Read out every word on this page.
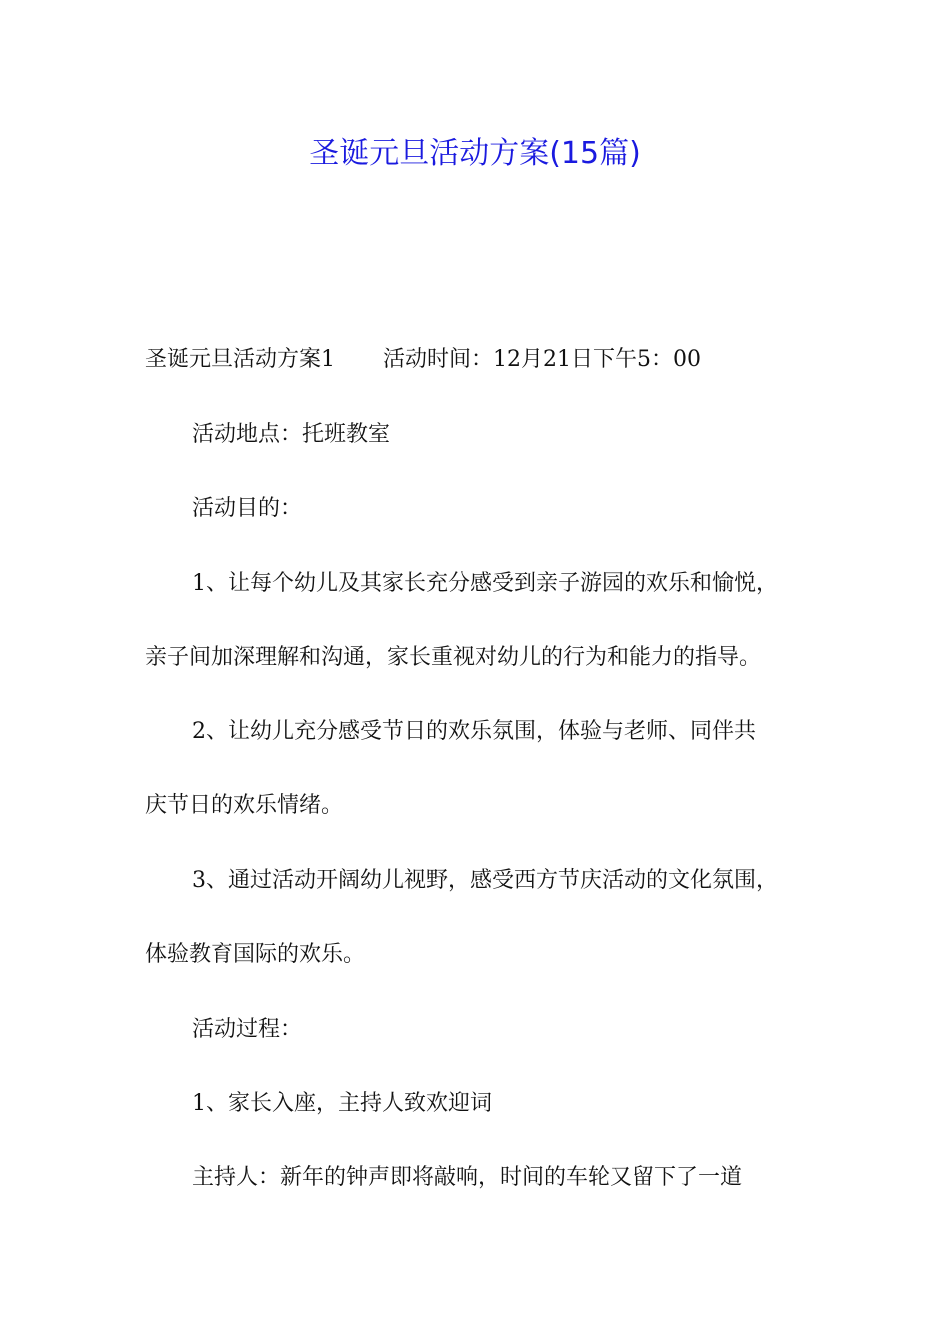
圣诞元旦活动方案(15篇)
圣诞元旦活动方案1 活动时间：12月21日下午5：00
活动地点：托班教室
活动目的：
1、让每个幼儿及其家长充分感受到亲子游园的欢乐和愉悦，
亲子间加深理解和沟通，家长重视对幼儿的行为和能力的指导。
2、让幼儿充分感受节日的欢乐氛围，体验与老师、同伴共
庆节日的欢乐情绪。
3、通过活动开阔幼儿视野，感受西方节庆活动的文化氛围，
体验教育国际的欢乐。
活动过程：
1、家长入座，主持人致欢迎词
主持人：新年的钟声即将敲响，时间的车轮又留下了一道
